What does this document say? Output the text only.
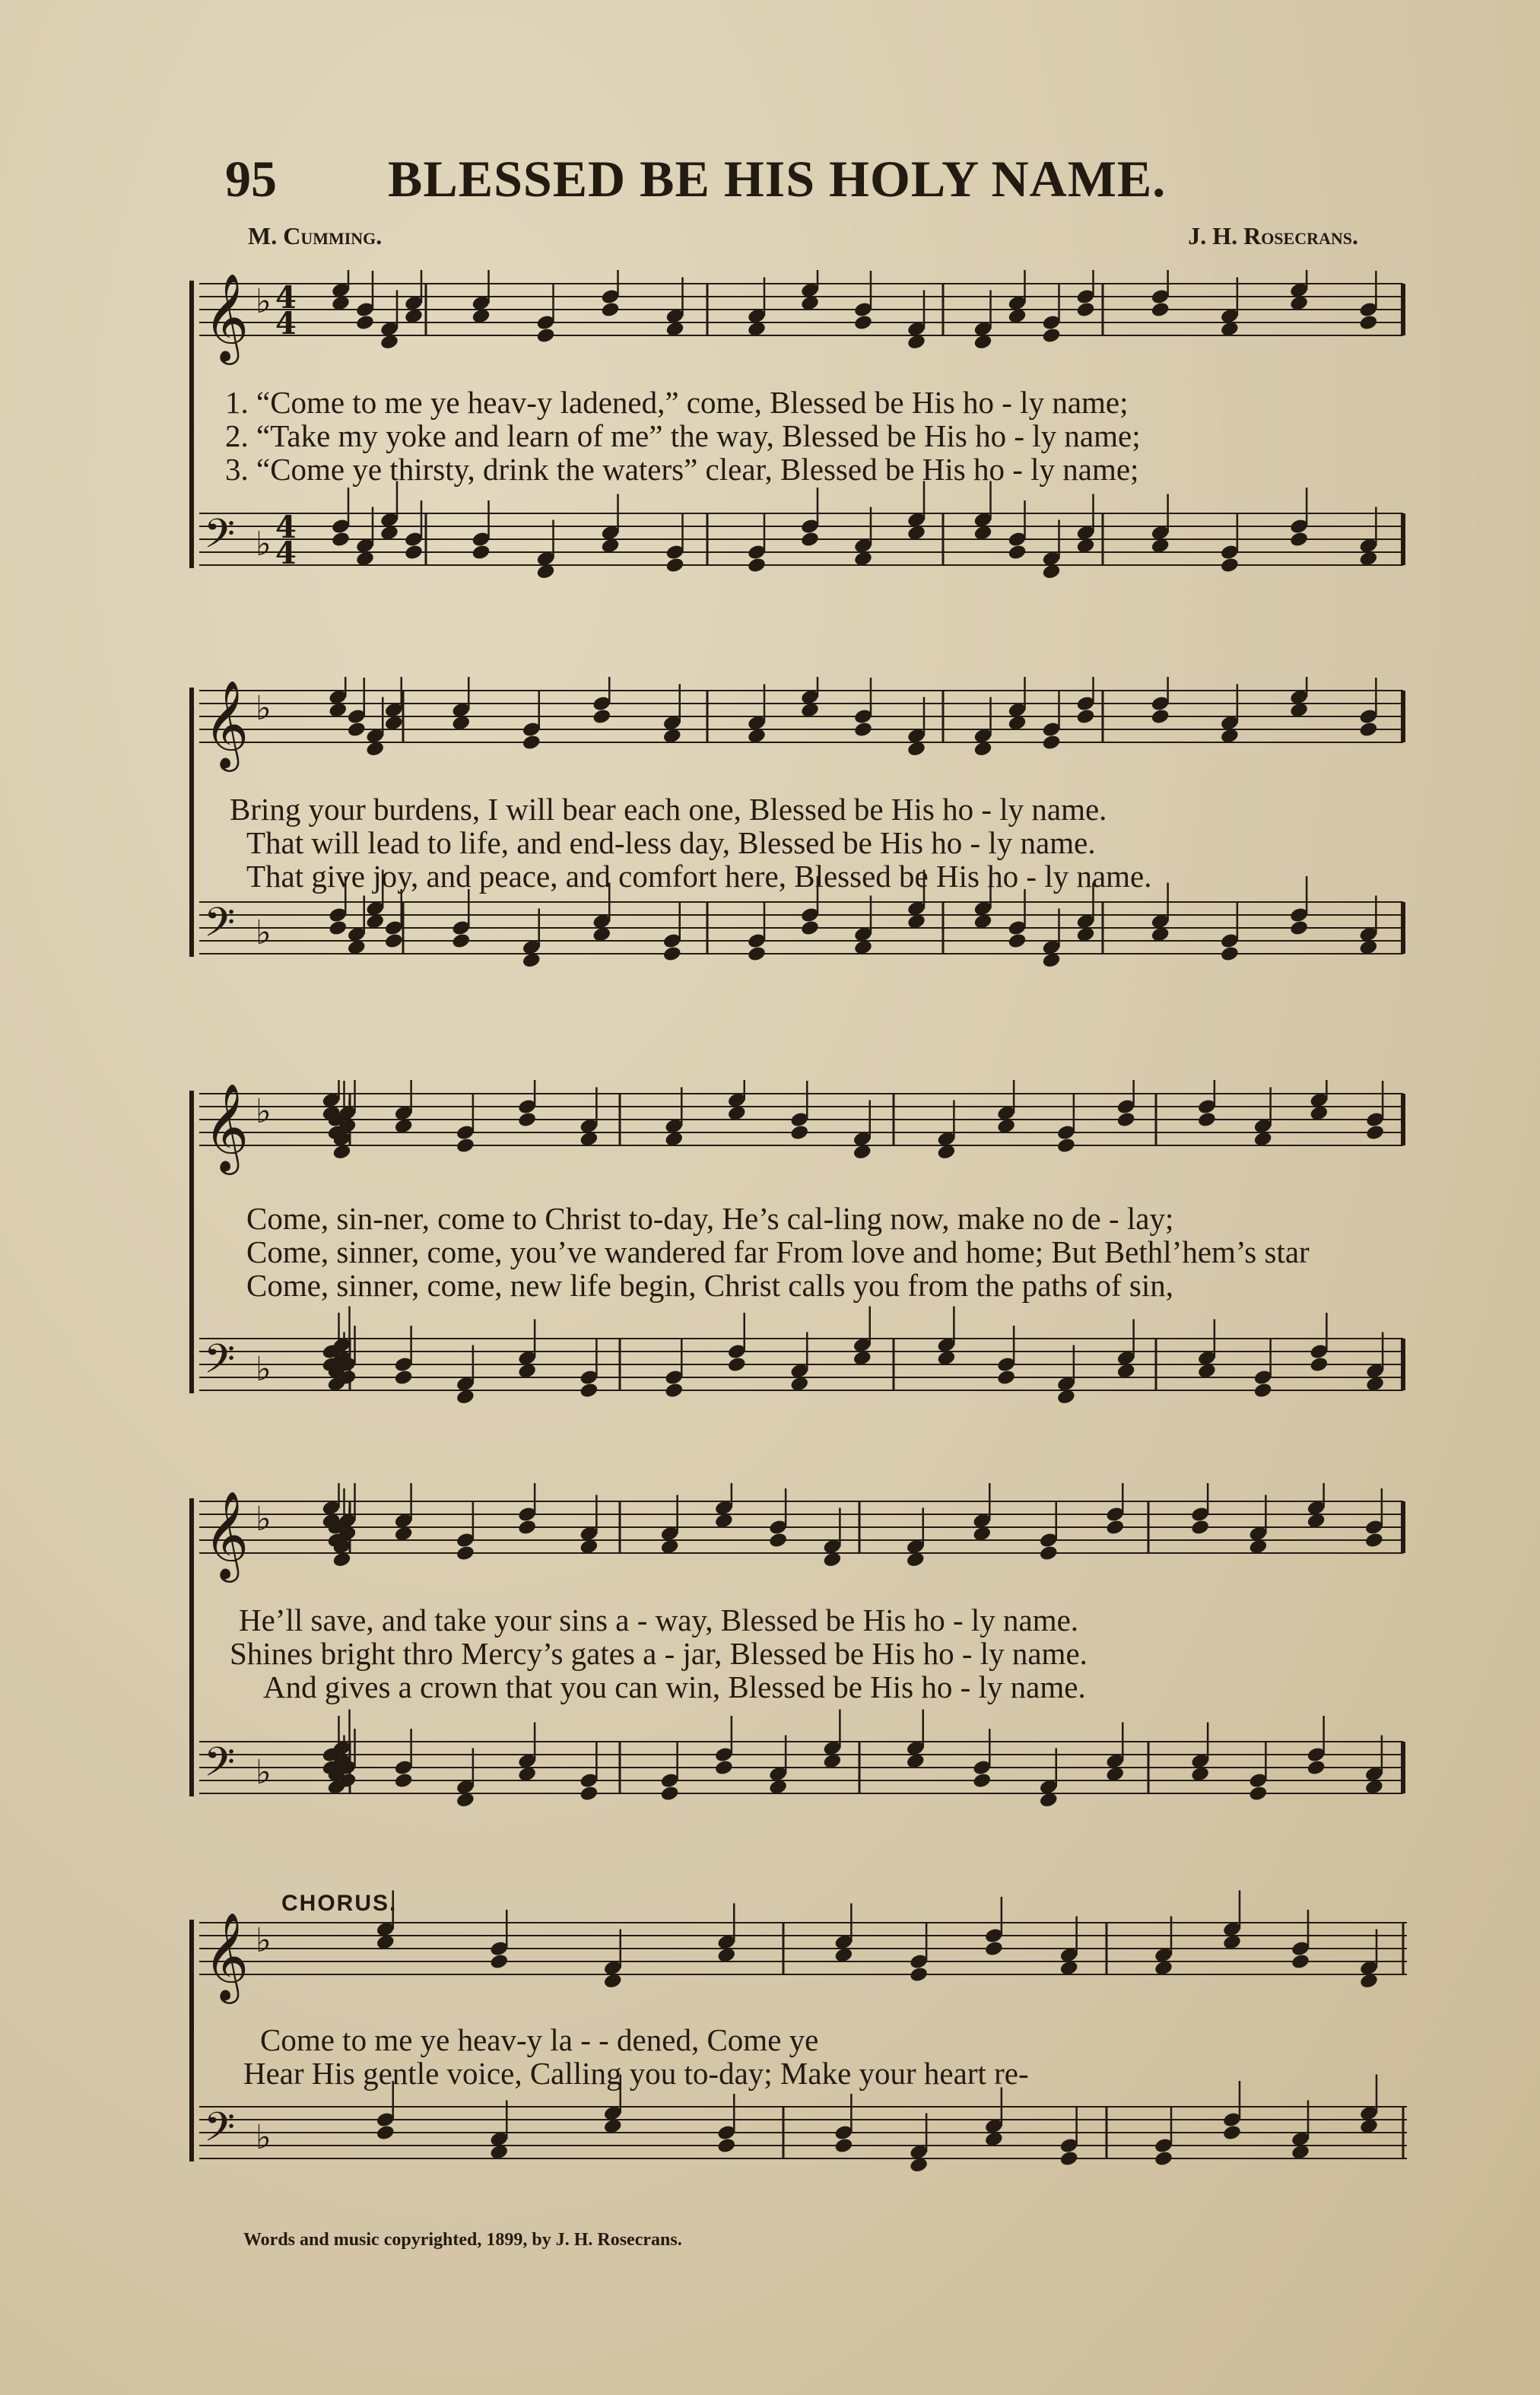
95 BLESSED BE HIS HOLY NAME.
M. Cumming.	J. H. Rosecrans.
𝄞 ♭ 4
4
𝄢 ♭ 4
4
1. “Come to me ye heav-y ladened,” come, Blessed be His ho - ly name;
2. “Take my yoke and learn of me” the way, Blessed be His ho - ly name;
3. “Come ye thirsty, drink the waters” clear, Blessed be His ho - ly name;
𝄞 ♭
𝄢 ♭
Bring your burdens, I will bear each one, Blessed be His ho - ly name.
That will lead to life, and end-less day, Blessed be His ho - ly name.
That give joy, and peace, and comfort here, Blessed be His ho - ly name.
𝄞 ♭
𝄢 ♭
Come, sin-ner, come to Christ to-day, He’s cal-ling now, make no de - lay;
Come, sinner, come, you’ve wandered far From love and home; But Bethl’hem’s star
Come, sinner, come, new life begin, Christ calls you from the paths of sin,
𝄞 ♭
𝄢 ♭
He’ll save, and take your sins a - way, Blessed be His ho - ly name.
Shines bright thro Mercy’s gates a - jar, Blessed be His ho - ly name.
And gives a crown that you can win, Blessed be His ho - ly name.
CHORUS.
𝄞 ♭
𝄢 ♭
Come to me ye heav-y la - - dened, Come ye
Hear His gentle voice, Calling you to-day; Make your heart re-
Words and music copyrighted, 1899, by J. H. Rosecrans.
